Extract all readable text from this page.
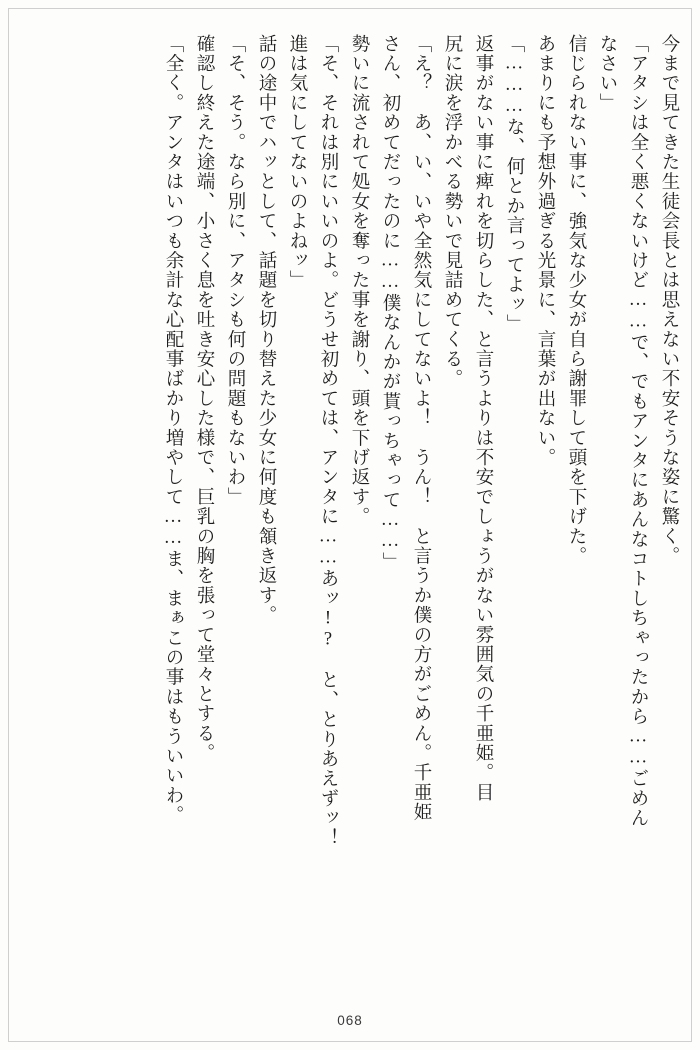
今まで見てきた生徒会長とは思えない不安そうな姿に驚く。
「アタシは全く悪くないけど……で、でもアンタにあんなコトしちゃったから……ごめん
なさい」
信じられない事に、強気な少女が自ら謝罪して頭を下げた。
あまりにも予想外過ぎる光景に、言葉が出ない。
「………な、何とか言ってよッ」
返事がない事に痺れを切らした、と言うよりは不安でしょうがない雰囲気の千亜姫。目
尻に涙を浮かべる勢いで見詰めてくる。
「え？　あ、い、いや全然気にしてないよ！　うん！　と言うか僕の方がごめん。千亜姫
さん、初めてだったのに……僕なんかが貰っちゃって……」
勢いに流されて処女を奪った事を謝り、頭を下げ返す。
「そ、それは別にいいのよ。どうせ初めては、アンタに……あッ!?　と、とりあえずッ！
進は気にしてないのよねッ」
話の途中でハッとして、話題を切り替えた少女に何度も頷き返す。
「そ、そう。なら別に、アタシも何の問題もないわ」
確認し終えた途端、小さく息を吐き安心した様で、巨乳の胸を張って堂々とする。
「全く。アンタはいつも余計な心配事ばかり増やして……ま、まぁこの事はもういいわ。
068
